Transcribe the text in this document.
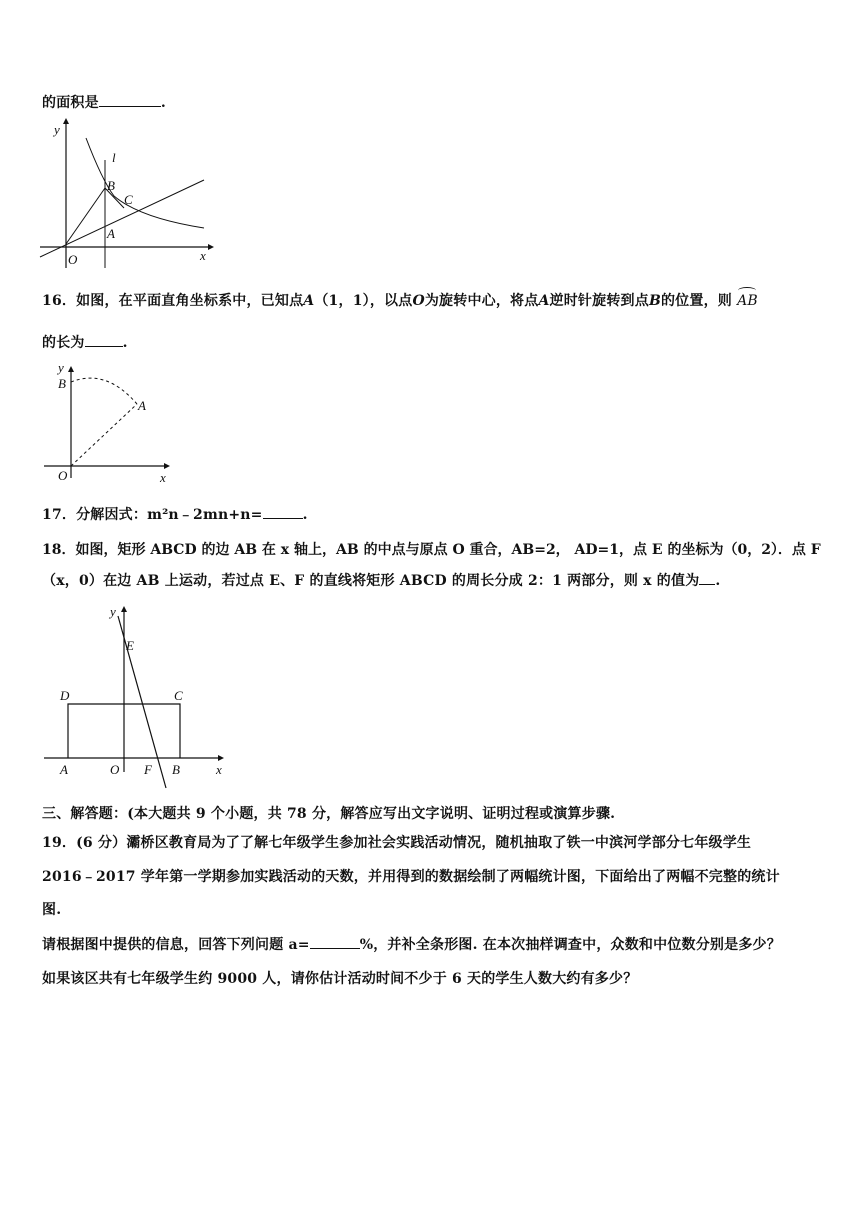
的面积是	.
y
l
B
C
A
O	x
16．如图，在平面直角坐标系中，已知点A（1，1），以点O为旋转中心，将点A逆时针旋转到点B的位置，则 AB
的长为	.
y
B
A
O	x
17．分解因式：m²n﹣2mn+n=	.
18．如图，矩形 ABCD 的边 AB 在 x 轴上，AB 的中点与原点 O 重合，AB=2， AD=1，点 E 的坐标为（0，2）．点 F
（x，0）在边 AB 上运动，若过点 E、F 的直线将矩形 ABCD 的周长分成 2：1 两部分，则 x 的值为 .
y
E
D	C
A	O F B	x
三、解答题：(本大题共 9 个小题，共 78 分，解答应写出文字说明、证明过程或演算步骤.
19．(6 分）灞桥区教育局为了了解七年级学生参加社会实践活动情况，随机抽取了铁一中滨河学部分七年级学生
2016﹣2017 学年第一学期参加实践活动的天数，并用得到的数据绘制了两幅统计图，下面给出了两幅不完整的统计
图.
请根据图中提供的信息，回答下列问题 a=	%，并补全条形图. 在本次抽样调查中，众数和中位数分别是多少？
如果该区共有七年级学生约 9000 人，请你估计活动时间不少于 6 天的学生人数大约有多少？
